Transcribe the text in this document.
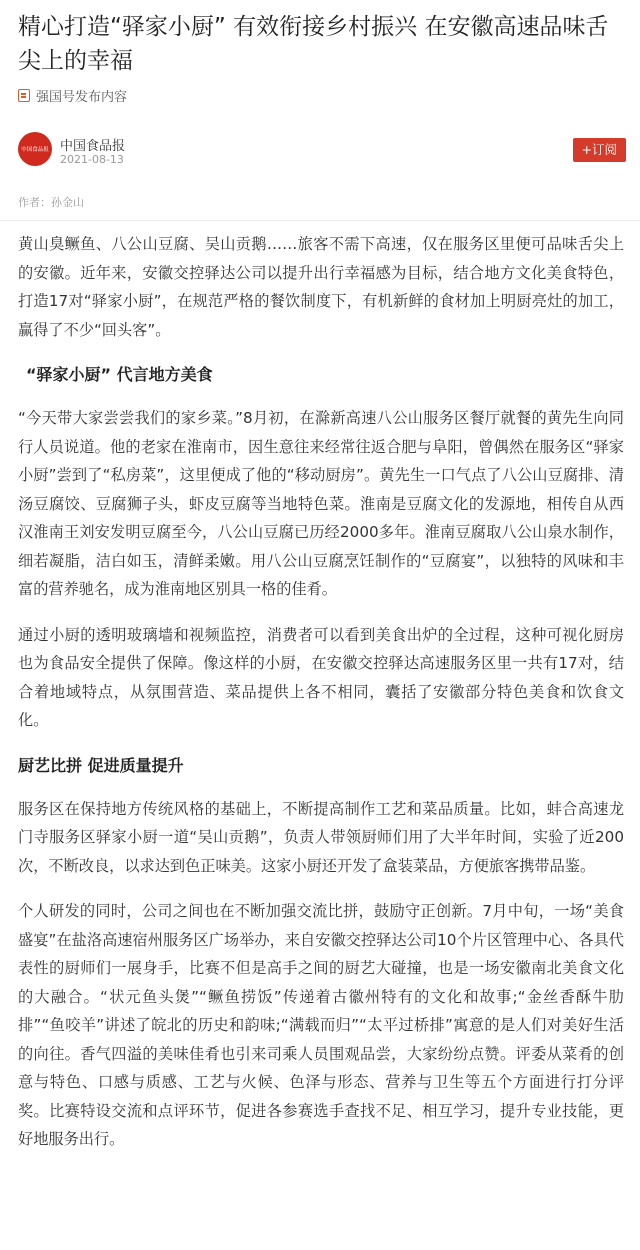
精心打造“驿家小厨” 有效衔接乡村振兴 在安徽高速品味舌尖上的幸福
强国号发布内容
中国食品报 中国食品报
2021-08-13
+订阅
作者：孙金山

黄山臭鳜鱼、八公山豆腐、吴山贡鹅……旅客不需下高速，仅在服务区里便可品味舌尖上的安徽。近年来，安徽交控驿达公司以提升出行幸福感为目标，结合地方文化美食特色，打造17对“驿家小厨”，在规范严格的餐饮制度下，有机新鲜的食材加上明厨亮灶的加工，赢得了不少“回头客”。

“驿家小厨” 代言地方美食

“今天带大家尝尝我们的家乡菜。”8月初，在滁新高速八公山服务区餐厅就餐的黄先生向同行人员说道。他的老家在淮南市，因生意往来经常往返合肥与阜阳，曾偶然在服务区“驿家小厨”尝到了“私房菜”，这里便成了他的“移动厨房”。黄先生一口气点了八公山豆腐排、清汤豆腐饺、豆腐狮子头，虾皮豆腐等当地特色菜。淮南是豆腐文化的发源地，相传自从西汉淮南王刘安发明豆腐至今，八公山豆腐已历经2000多年。淮南豆腐取八公山泉水制作，细若凝脂，洁白如玉，清鲜柔嫩。用八公山豆腐烹饪制作的“豆腐宴”，以独特的风味和丰富的营养驰名，成为淮南地区别具一格的佳肴。

通过小厨的透明玻璃墙和视频监控，消费者可以看到美食出炉的全过程，这种可视化厨房也为食品安全提供了保障。像这样的小厨，在安徽交控驿达高速服务区里一共有17对，结合着地域特点，从氛围营造、菜品提供上各不相同，囊括了安徽部分特色美食和饮食文化。

厨艺比拼 促进质量提升

服务区在保持地方传统风格的基础上，不断提高制作工艺和菜品质量。比如，蚌合高速龙门寺服务区驿家小厨一道“吴山贡鹅”，负责人带领厨师们用了大半年时间，实验了近200次，不断改良，以求达到色正味美。这家小厨还开发了盒装菜品，方便旅客携带品鉴。

个人研发的同时，公司之间也在不断加强交流比拼，鼓励守正创新。7月中旬，一场“美食盛宴”在盐洛高速宿州服务区广场举办，来自安徽交控驿达公司10个片区管理中心、各具代表性的厨师们一展身手，比赛不但是高手之间的厨艺大碰撞，也是一场安徽南北美食文化的大融合。“状元鱼头煲”“鳜鱼捞饭”传递着古徽州特有的文化和故事;“金丝香酥牛肋排”“鱼咬羊”讲述了皖北的历史和韵味;“满载而归”“太平过桥排”寓意的是人们对美好生活的向往。香气四溢的美味佳肴也引来司乘人员围观品尝，大家纷纷点赞。评委从菜肴的创意与特色、口感与质感、工艺与火候、色泽与形态、营养与卫生等五个方面进行打分评奖。比赛特设交流和点评环节，促进各参赛选手查找不足、相互学习，提升专业技能，更好地服务出行。
